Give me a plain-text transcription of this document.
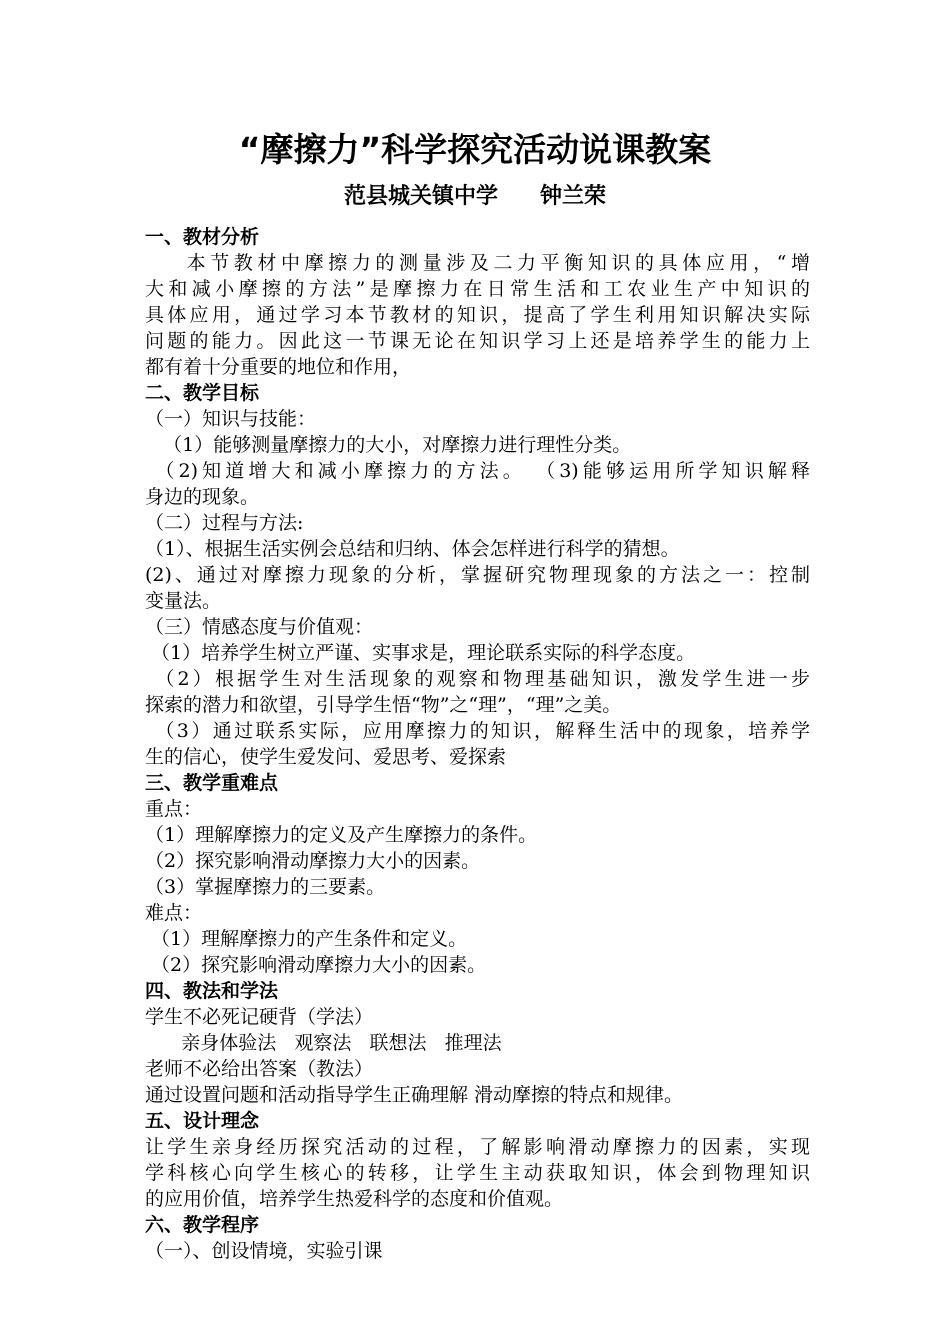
“摩擦力”科学探究活动说课教案
范县城关镇中学 钟兰荣
一、教材分析
本节教材中摩擦力的测量涉及二力平衡知识的具体应用，“增
大和减小摩擦的方法”是摩擦力在日常生活和工农业生产中知识的
具体应用，通过学习本节教材的知识，提高了学生利用知识解决实际
问题的能力。因此这一节课无论在知识学习上还是培养学生的能力上
都有着十分重要的地位和作用，
二、教学目标
（一）知识与技能：
（1）能够测量摩擦力的大小，对摩擦力进行理性分类。
（2)知道增大和减小摩擦力的方法。 （3)能够运用所学知识解释
身边的现象。
（二）过程与方法:
（1）、根据生活实例会总结和归纳、体会怎样进行科学的猜想。
(2)、通过对摩擦力现象的分析，掌握研究物理现象的方法之一：控制
变量法。
（三）情感态度与价值观：
（1）培养学生树立严谨、实事求是，理论联系实际的科学态度。
（2）根据学生对生活现象的观察和物理基础知识，激发学生进一步
探索的潜力和欲望，引导学生悟“物”之“理”，“理”之美。
（3）通过联系实际，应用摩擦力的知识，解释生活中的现象，培养学
生的信心，使学生爱发问、爱思考、爱探索
三、教学重难点
重点：
（1）理解摩擦力的定义及产生摩擦力的条件。
（2）探究影响滑动摩擦力大小的因素。
（3）掌握摩擦力的三要素。
难点：
（1）理解摩擦力的产生条件和定义。
（2）探究影响滑动摩擦力大小的因素。
四、教法和学法
学生不必死记硬背（学法）
亲身体验法   观察法   联想法   推理法
老师不必给出答案（教法）
通过设置问题和活动指导学生正确理解 滑动摩擦的特点和规律。
五、设计理念
让学生亲身经历探究活动的过程，了解影响滑动摩擦力的因素，实现
学科核心向学生核心的转移，让学生主动获取知识，体会到物理知识
的应用价值，培养学生热爱科学的态度和价值观。
六、教学程序
（一）、创设情境，实验引课
